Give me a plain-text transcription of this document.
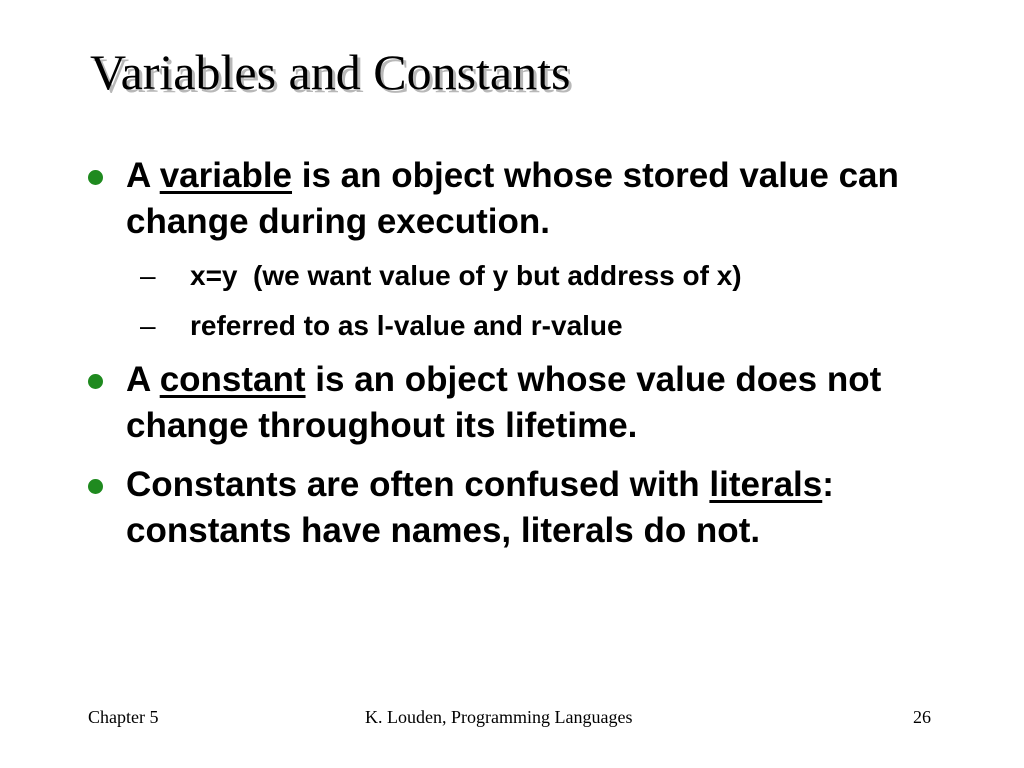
Variables and Constants
A variable is an object whose stored value can change during execution.
– x=y  (we want value of y but address of x)
– referred to as l-value and r-value
A constant is an object whose value does not change throughout its lifetime.
Constants are often confused with literals: constants have names, literals do not.
Chapter 5	K. Louden, Programming Languages	26
